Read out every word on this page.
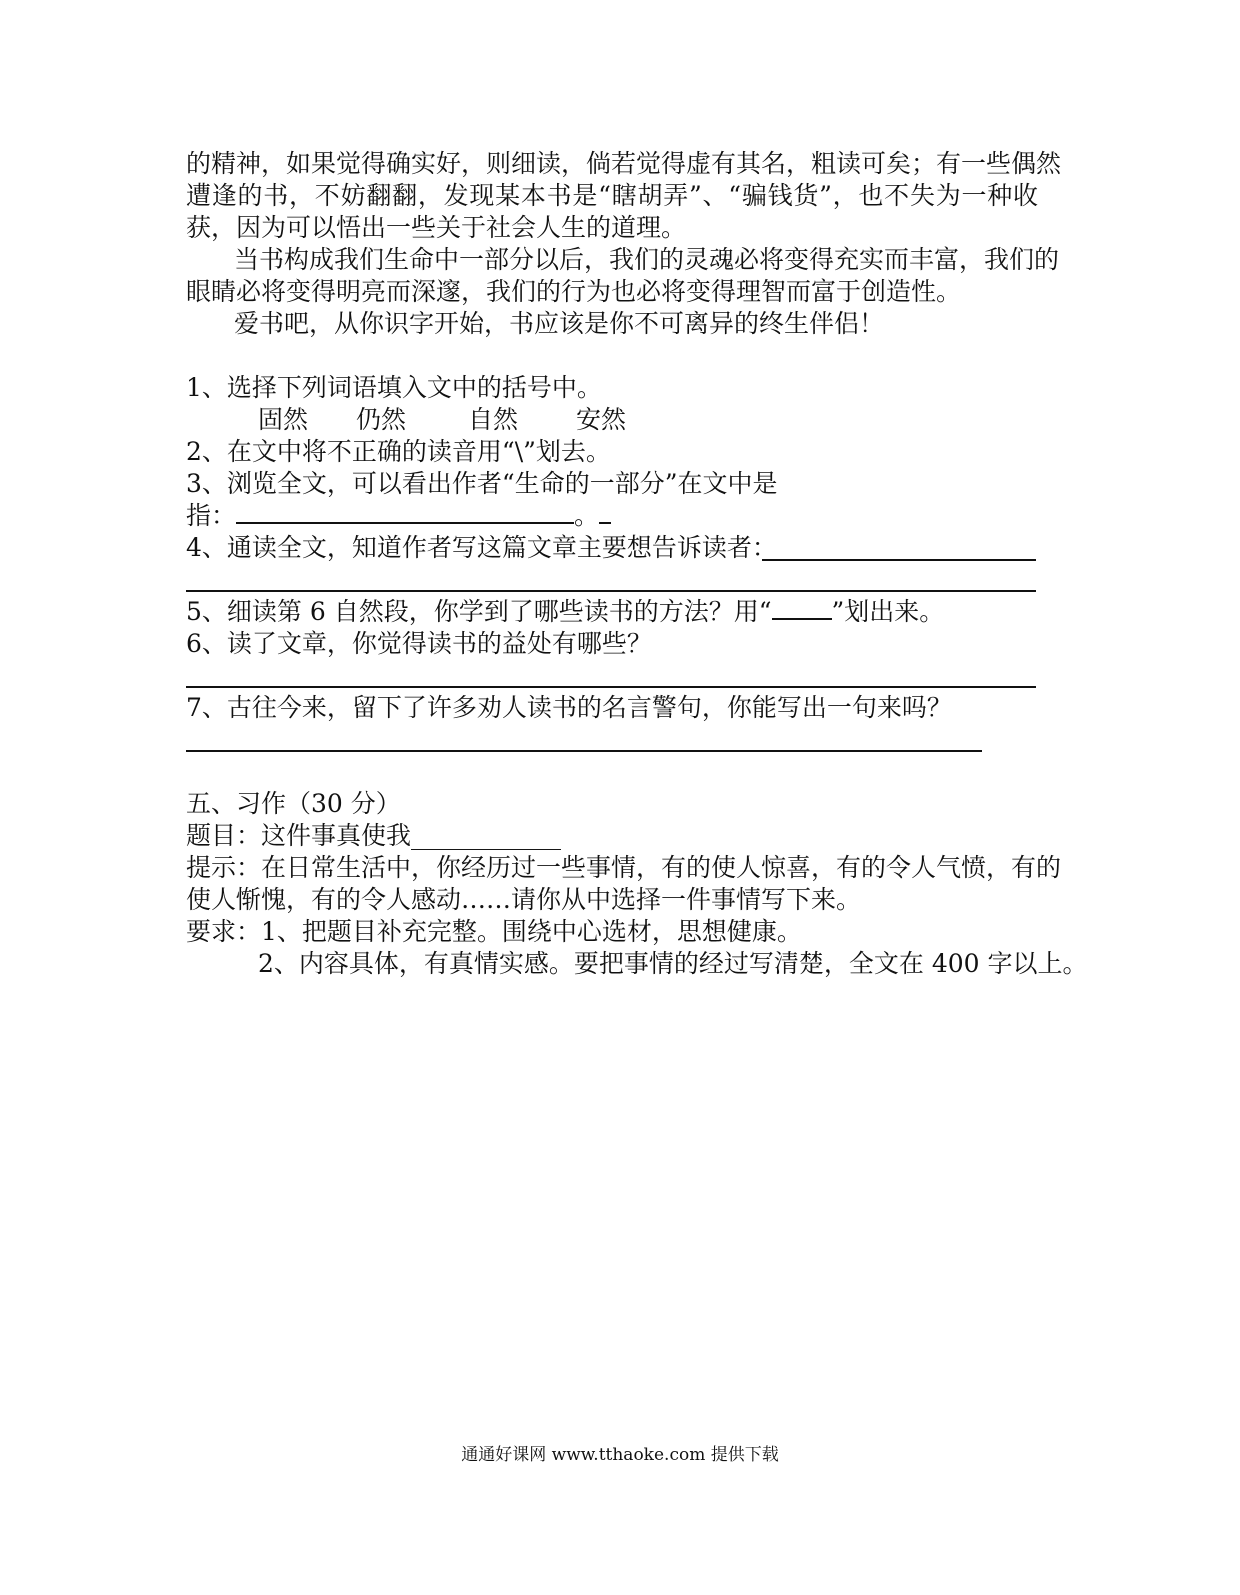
的精神，如果觉得确实好，则细读，倘若觉得虚有其名，粗读可矣；有一些偶然
遭逢的书，不妨翻翻，发现某本书是“瞎胡弄”、“骗钱货”，也不失为一种收
获，因为可以悟出一些关于社会人生的道理。
当书构成我们生命中一部分以后，我们的灵魂必将变得充实而丰富，我们的
眼睛必将变得明亮而深邃，我们的行为也必将变得理智而富于创造性。
爱书吧，从你识字开始，书应该是你不可离异的终生伴侣！
1、选择下列词语填入文中的括号中。
固然 仍然 自然 安然
2、在文中将不正确的读音用“\”划去。
3、浏览全文，可以看出作者“生命的一部分”在文中是
指：	。
4、通读全文，知道作者写这篇文章主要想告诉读者：
5、细读第 6 自然段，你学到了哪些读书的方法？用“ ”划出来。
6、读了文章，你觉得读书的益处有哪些？
7、古往今来，留下了许多劝人读书的名言警句，你能写出一句来吗？
五、习作（30 分）
题目：这件事真使我____________
提示：在日常生活中，你经历过一些事情，有的使人惊喜，有的令人气愤，有的
使人惭愧，有的令人感动……请你从中选择一件事情写下来。
要求：1、把题目补充完整。围绕中心选材，思想健康。
2、内容具体，有真情实感。要把事情的经过写清楚，全文在 400 字以上。
通通好课网 www.tthaoke.com 提供下载
